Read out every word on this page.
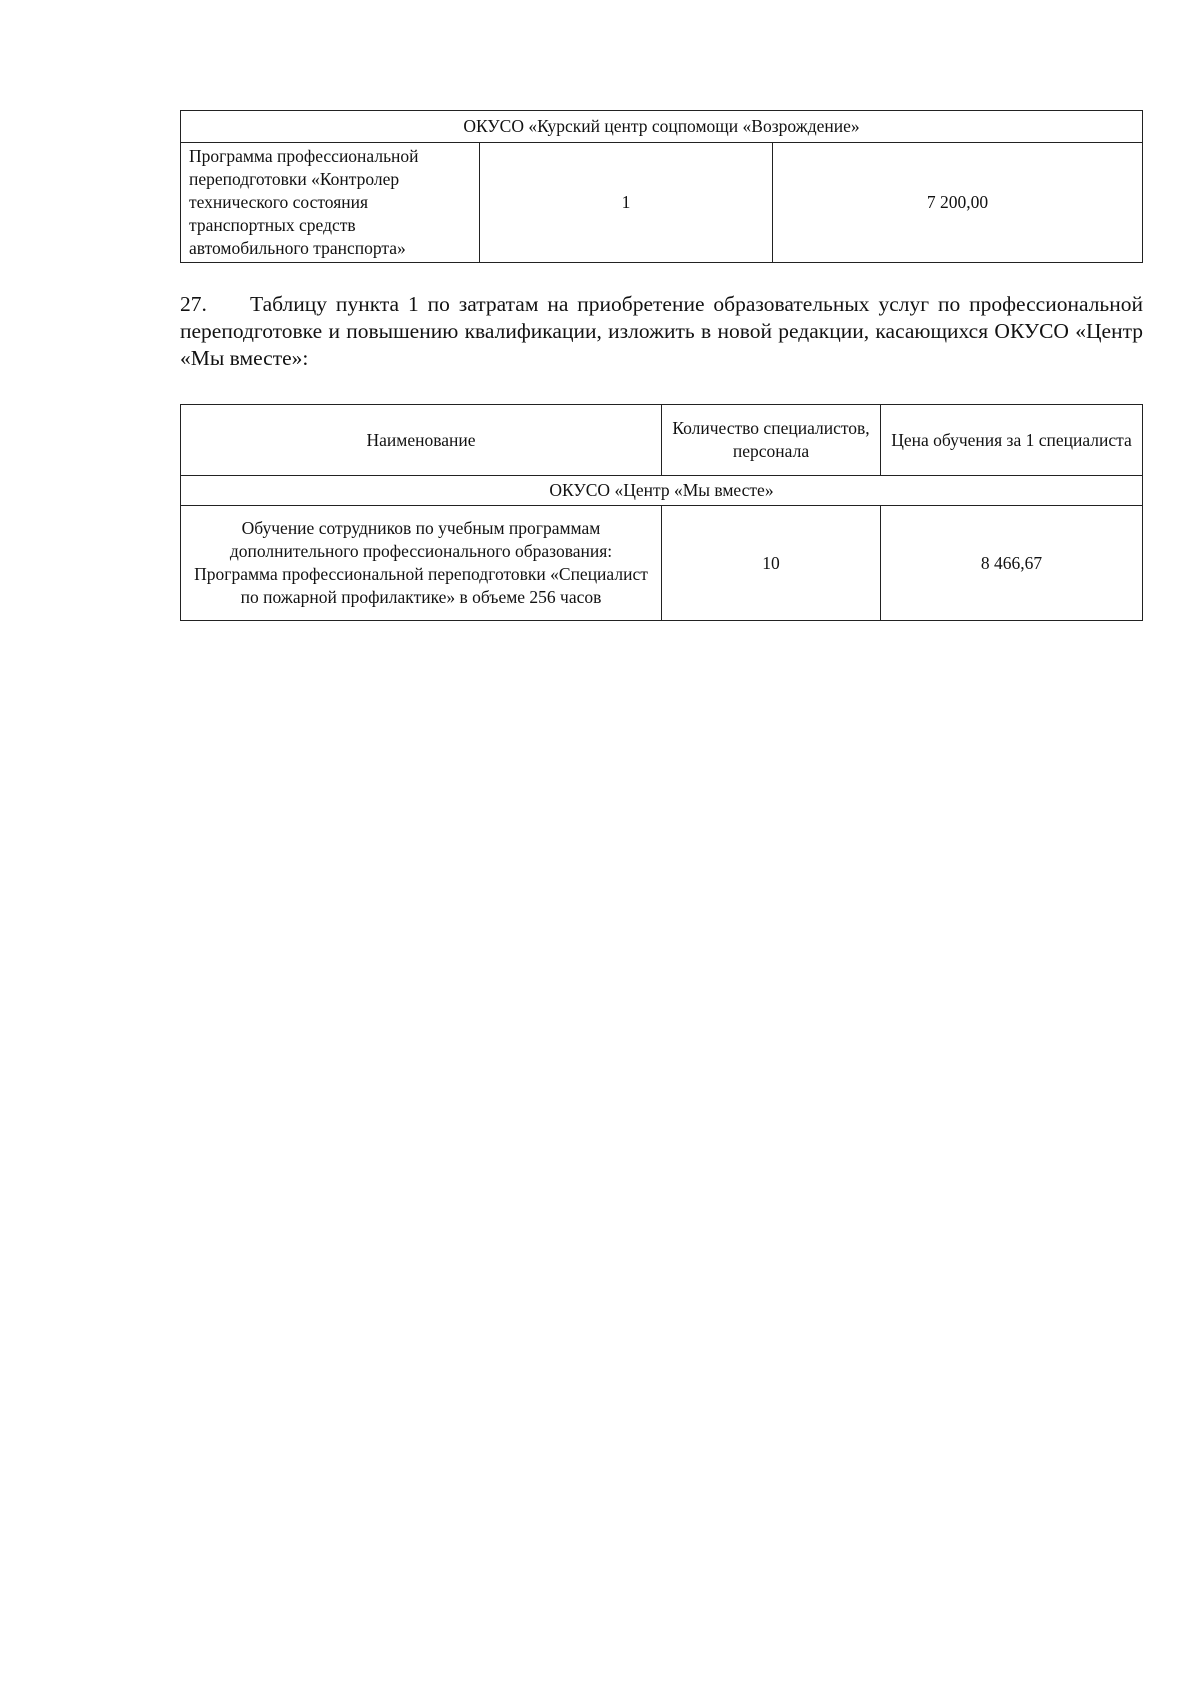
ОКУСО «Курский центр соцпомощи «Возрождение»
Программа профессиональной переподготовки «Контролер технического состояния транспортных средств автомобильного транспорта»	1	7 200,00
27. Таблицу пункта 1 по затратам на приобретение образовательных услуг по профессиональной переподготовке и повышению квалификации, изложить в новой редакции, касающихся ОКУСО «Центр «Мы вместе»:
Наименование	Количество специалистов, персонала	Цена обучения за 1 специалиста
ОКУСО «Центр «Мы вместе»		
Обучение сотрудников по учебным программам дополнительного профессионального образования: Программа профессиональной переподготовки «Специалист по пожарной профилактике» в объеме 256 часов	10	8 466,67
